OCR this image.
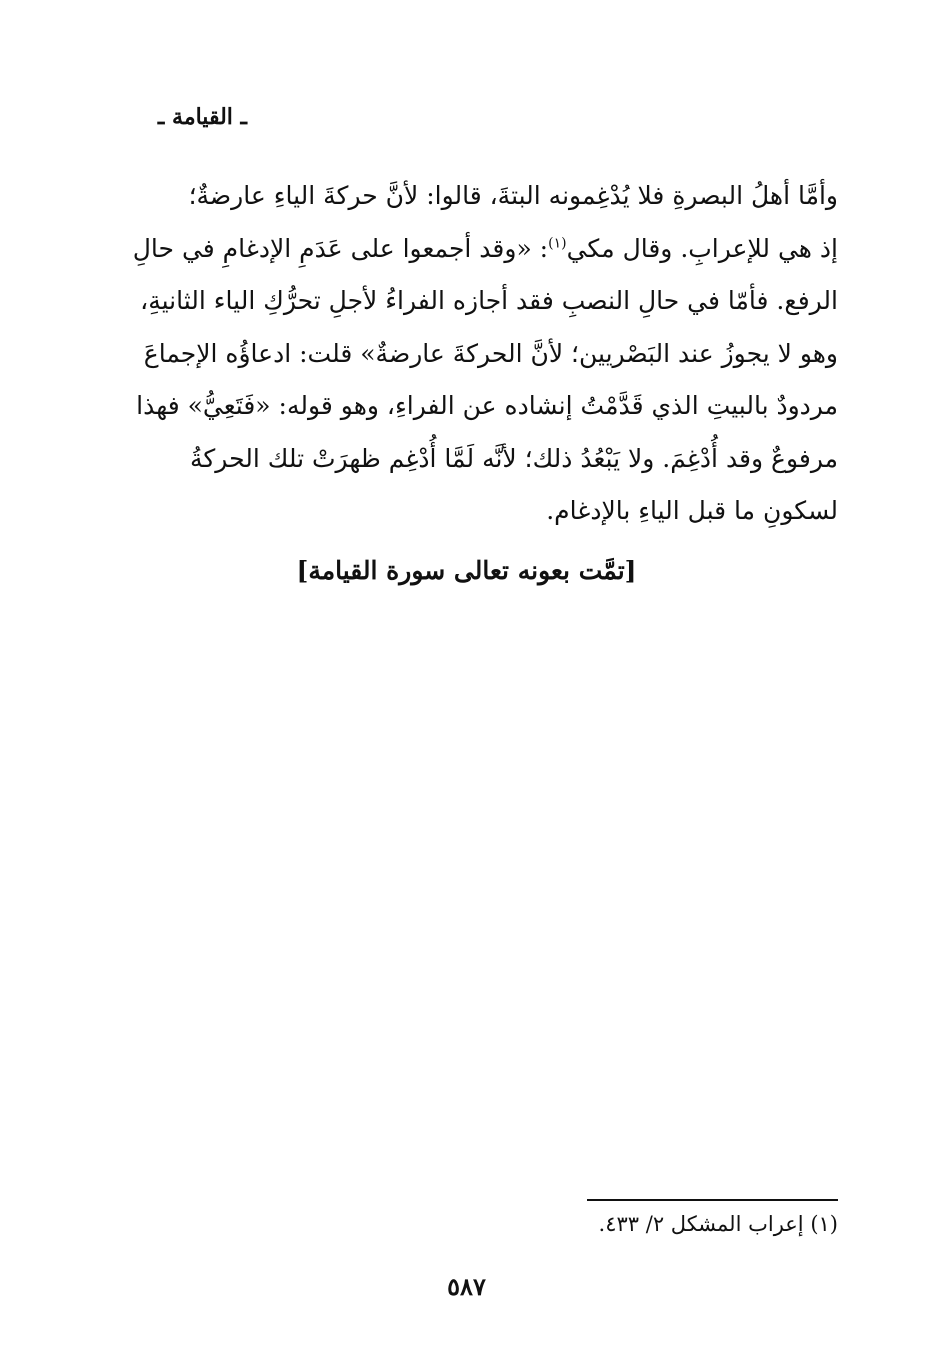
ـ القيامة ـ
وأمَّا أهلُ البصرةِ فلا يُدْغِمونه البتةَ، قالوا: لأنَّ حركةَ الياءِ عارضةٌ؛
إذ هي للإعرابِ. وقال مكي$^{(١)}$: «وقد أجمعوا على عَدَمِ الإدغامِ في حالِ
الرفع. فأمّا في حالِ النصبِ فقد أجازه الفراءُ لأجلِ تحرُّكِ الياء الثانيةِ،
وهو لا يجوزُ عند البَصْريين؛ لأنَّ الحركةَ عارضةٌ» قلت: ادعاؤُه الإجماعَ
مردودٌ بالبيتِ الذي قَدَّمْتُ إنشاده عن الفراءِ، وهو قوله: «فَتَعِيُّ» فهذا
مرفوعٌ وقد أُدْغِمَ. ولا يَبْعُدُ ذلك؛ لأنَّه لَمَّا أُدْغِم ظهرَتْ تلك الحركةُ
لسكونِ ما قبل الياءِ بالإدغام.
[تمَّت بعونه تعالى سورة القيامة]
(١) إعراب المشكل ٢/ ٤٣٣.
٥٨٧
